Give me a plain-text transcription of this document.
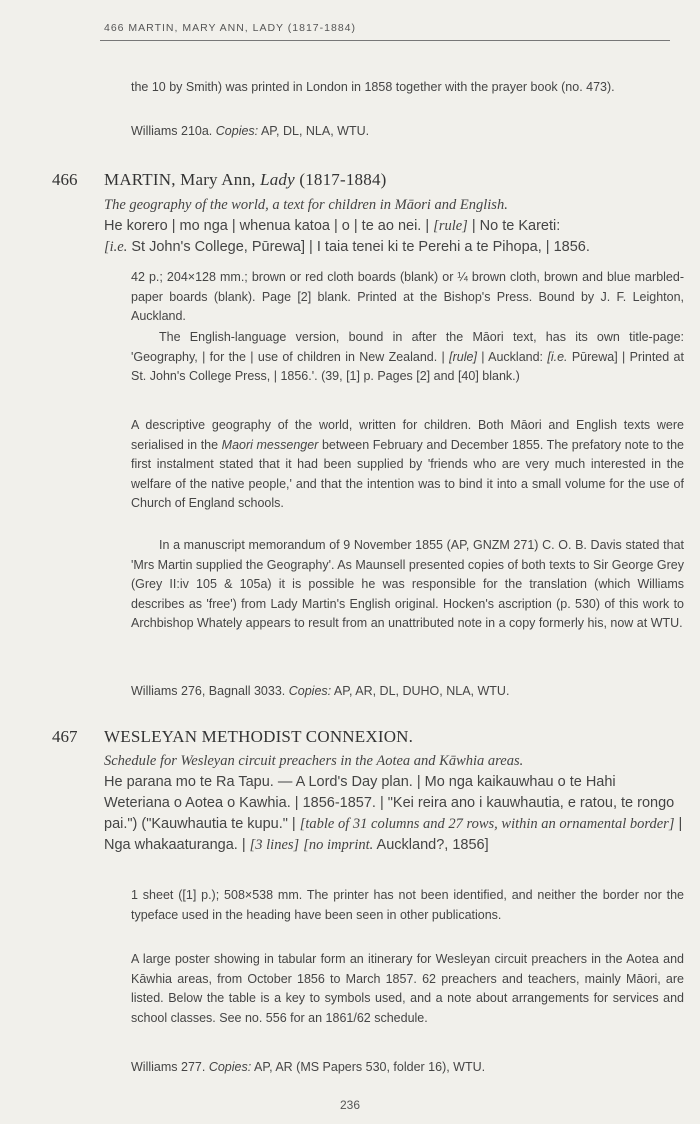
466 MARTIN, MARY ANN, LADY (1817-1884)

the 10 by Smith) was printed in London in 1858 together with the prayer book (no. 473).

Williams 210a. Copies: AP, DL, NLA, WTU.

466 MARTIN, Mary Ann, Lady (1817-1884)

The geography of the world, a text for children in Māori and English.
He korero | mo nga | whenua katoa | o | te ao nei. | [rule] | No te Kareti:
[i.e. St John's College, Pūrewa] | I taia tenei ki te Perehi a te Pihopa, | 1856.

42 p.; 204×128 mm.; brown or red cloth boards (blank) or ¼ brown cloth, brown and blue marbled-paper boards (blank). Page [2] blank. Printed at the Bishop's Press. Bound by J. F. Leighton, Auckland.

The English-language version, bound in after the Māori text, has its own title-page: 'Geography, | for the | use of children in New Zealand. | [rule] | Auckland: [i.e. Pūrewa] | Printed at St. John's College Press, | 1856.'. (39, [1] p. Pages [2] and [40] blank.)

A descriptive geography of the world, written for children. Both Māori and English texts were serialised in the Maori messenger between February and December 1855. The prefatory note to the first instalment stated that it had been supplied by 'friends who are very much interested in the welfare of the native people,' and that the intention was to bind it into a small volume for the use of Church of England schools.

In a manuscript memorandum of 9 November 1855 (AP, GNZM 271) C. O. B. Davis stated that 'Mrs Martin supplied the Geography'. As Maunsell presented copies of both texts to Sir George Grey (Grey II:iv 105 & 105a) it is possible he was responsible for the translation (which Williams describes as 'free') from Lady Martin's English original. Hocken's ascription (p. 530) of this work to Archbishop Whately appears to result from an unattributed note in a copy formerly his, now at WTU.

Williams 276, Bagnall 3033. Copies: AP, AR, DL, DUHO, NLA, WTU.

467 WESLEYAN METHODIST CONNEXION.

Schedule for Wesleyan circuit preachers in the Aotea and Kāwhia areas.
He parana mo te Ra Tapu. — A Lord's Day plan. | Mo nga kaikauwhau o te Hahi Weteriana o Aotea o Kawhia. | 1856-1857. | "Kei reira ano i kauwhautia, e ratou, te rongo pai.") ("Kauwhautia te kupu." | [table of 31 columns and 27 rows, within an ornamental border] | Nga whakaaturanga. | [3 lines] [no imprint. Auckland?, 1856]

1 sheet ([1] p.); 508×538 mm. The printer has not been identified, and neither the border nor the typeface used in the heading have been seen in other publications.

A large poster showing in tabular form an itinerary for Wesleyan circuit preachers in the Aotea and Kāwhia areas, from October 1856 to March 1857. 62 preachers and teachers, mainly Māori, are listed. Below the table is a key to symbols used, and a note about arrangements for services and school classes. See no. 556 for an 1861/62 schedule.

Williams 277. Copies: AP, AR (MS Papers 530, folder 16), WTU.

236
